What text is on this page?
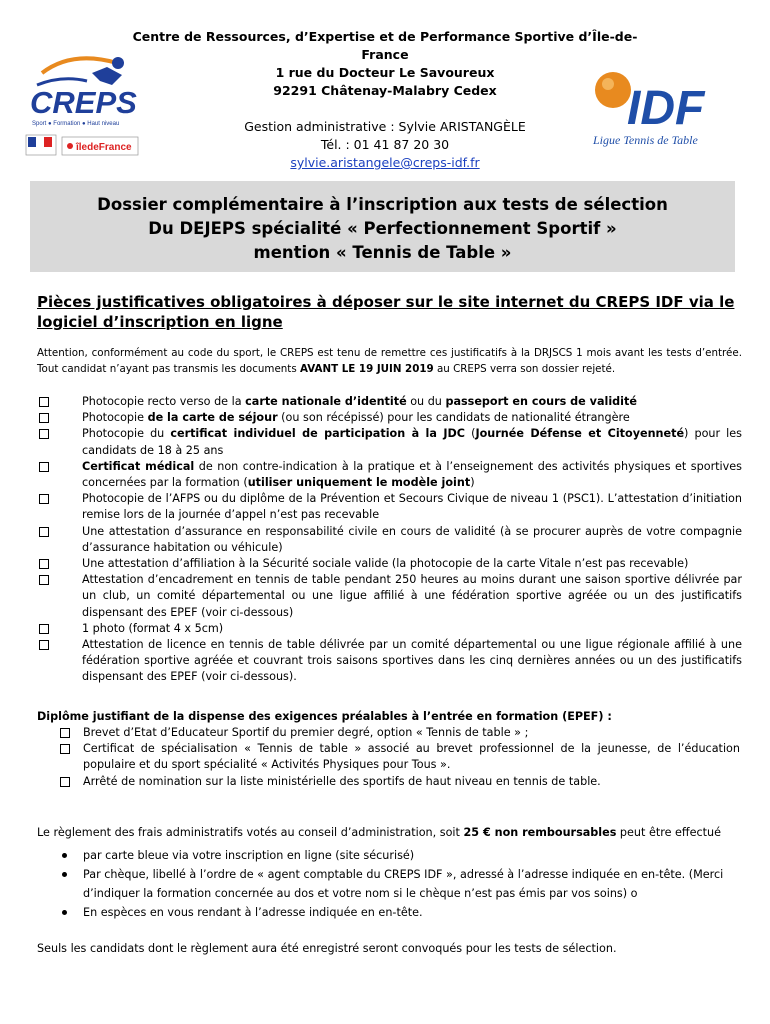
CREPS
Sport ● Formation ● Haut niveau
îledeFrance
IDF
Ligue Tennis de Table
Centre de Ressources, d’Expertise et de Performance Sportive d’Île-de-France
1 rue du Docteur Le Savoureux
92291 Châtenay-Malabry Cedex
Gestion administrative : Sylvie ARISTANGÈLE
Tél. : 01 41 87 20 30
sylvie.aristangele@creps-idf.fr
Dossier complémentaire à l’inscription aux tests de sélection
Du DEJEPS spécialité « Perfectionnement Sportif »
mention « Tennis de Table »
Pièces justificatives obligatoires à déposer sur le site internet du CREPS IDF via le logiciel d’inscription en ligne
Attention, conformément au code du sport, le CREPS est tenu de remettre ces justificatifs à la DRJSCS 1 mois avant les tests d’entrée. Tout candidat n’ayant pas transmis les documents AVANT LE 19 JUIN 2019 au CREPS verra son dossier rejeté.
Photocopie recto verso de la carte nationale d’identité ou du passeport en cours de validité
Photocopie de la carte de séjour (ou son récépissé) pour les candidats de nationalité étrangère
Photocopie du certificat individuel de participation à la JDC (Journée Défense et Citoyenneté) pour les candidats de 18 à 25 ans
Certificat médical de non contre-indication à la pratique et à l’enseignement des activités physiques et sportives concernées par la formation (utiliser uniquement le modèle joint)
Photocopie de l’AFPS ou du diplôme de la Prévention et Secours Civique de niveau 1 (PSC1). L’attestation d’initiation remise lors de la journée d’appel n’est pas recevable
Une attestation d’assurance en responsabilité civile en cours de validité (à se procurer auprès de votre compagnie d’assurance habitation ou véhicule)
Une attestation d’affiliation à la Sécurité sociale valide (la photocopie de la carte Vitale n’est pas recevable)
Attestation d’encadrement en tennis de table pendant 250 heures au moins durant une saison sportive délivrée par un club, un comité départemental ou une ligue affilié à une fédération sportive agréée ou un des justificatifs dispensant des EPEF (voir ci-dessous)
1 photo (format 4 x 5cm)
Attestation de licence en tennis de table délivrée par un comité départemental ou une ligue régionale affilié à une fédération sportive agréée et couvrant trois saisons sportives dans les cinq dernières années ou un des justificatifs dispensant des EPEF (voir ci-dessous).
Diplôme justifiant de la dispense des exigences préalables à l’entrée en formation (EPEF) :
Brevet d’Etat d’Educateur Sportif du premier degré, option « Tennis de table » ;
Certificat de spécialisation « Tennis de table » associé au brevet professionnel de la jeunesse, de l’éducation populaire et du sport spécialité « Activités Physiques pour Tous ».
Arrêté de nomination sur la liste ministérielle des sportifs de haut niveau en tennis de table.
Le règlement des frais administratifs votés au conseil d’administration, soit 25 € non remboursables peut être effectué
par carte bleue via votre inscription en ligne (site sécurisé)
Par chèque, libellé à l’ordre de « agent comptable du CREPS IDF », adressé à l’adresse indiquée en en-tête. (Merci d’indiquer la formation concernée au dos et votre nom si le chèque n’est pas émis par vos soins) o
En espèces en vous rendant à l’adresse indiquée en en-tête.
Seuls les candidats dont le règlement aura été enregistré seront convoqués pour les tests de sélection.
